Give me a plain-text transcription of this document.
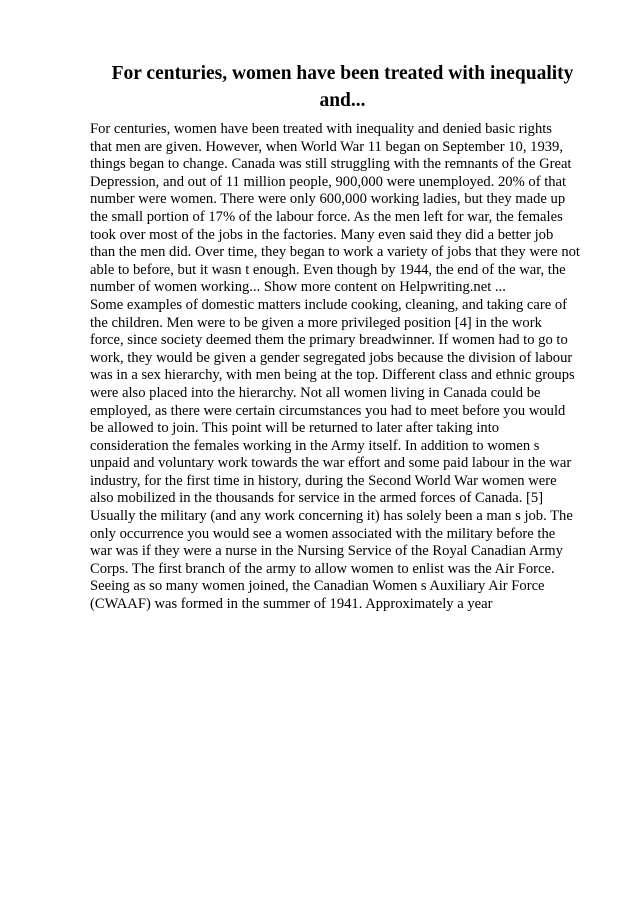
For centuries, women have been treated with inequality
and...
For centuries, women have been treated with inequality and denied basic rights
that men are given. However, when World War 11 began on September 10, 1939,
things began to change. Canada was still struggling with the remnants of the Great
Depression, and out of 11 million people, 900,000 were unemployed. 20% of that
number were women. There were only 600,000 working ladies, but they made up
the small portion of 17% of the labour force. As the men left for war, the females
took over most of the jobs in the factories. Many even said they did a better job
than the men did. Over time, they began to work a variety of jobs that they were not
able to before, but it wasn t enough. Even though by 1944, the end of the war, the
number of women working... Show more content on Helpwriting.net ...
Some examples of domestic matters include cooking, cleaning, and taking care of
the children. Men were to be given a more privileged position [4] in the work
force, since society deemed them the primary breadwinner. If women had to go to
work, they would be given a gender segregated jobs because the division of labour
was in a sex hierarchy, with men being at the top. Different class and ethnic groups
were also placed into the hierarchy. Not all women living in Canada could be
employed, as there were certain circumstances you had to meet before you would
be allowed to join. This point will be returned to later after taking into
consideration the females working in the Army itself. In addition to women s
unpaid and voluntary work towards the war effort and some paid labour in the war
industry, for the first time in history, during the Second World War women were
also mobilized in the thousands for service in the armed forces of Canada. [5]
Usually the military (and any work concerning it) has solely been a man s job. The
only occurrence you would see a women associated with the military before the
war was if they were a nurse in the Nursing Service of the Royal Canadian Army
Corps. The first branch of the army to allow women to enlist was the Air Force.
Seeing as so many women joined, the Canadian Women s Auxiliary Air Force
(CWAAF) was formed in the summer of 1941. Approximately a year
